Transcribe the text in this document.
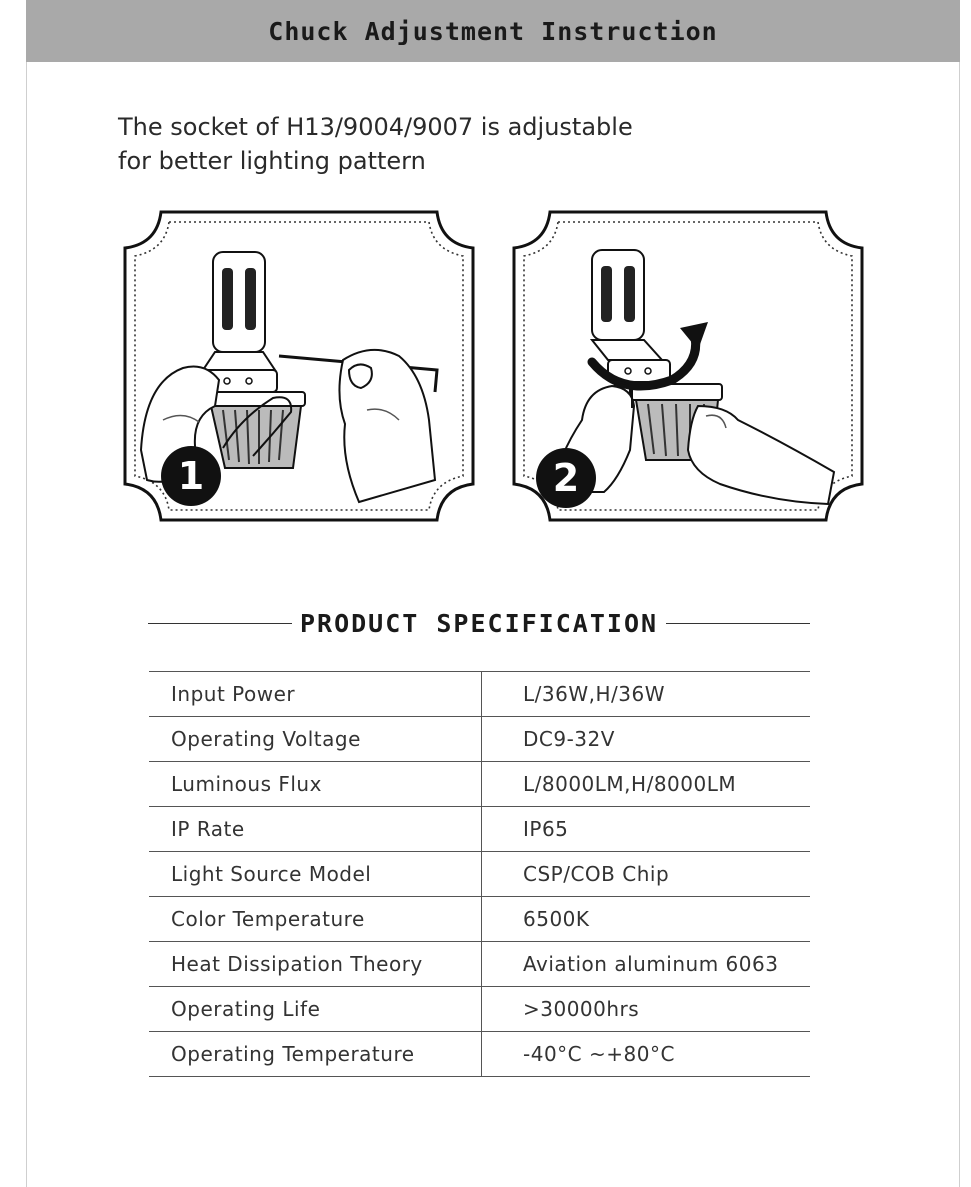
Chuck Adjustment Instruction
The socket of H13/9004/9007 is adjustable
for better lighting pattern
1	2
PRODUCT SPECIFICATION
Input Power	L/36W,H/36W
Operating Voltage	DC9-32V
Luminous Flux	L/8000LM,H/8000LM
IP Rate	IP65
Light Source Model	CSP/COB Chip
Color Temperature	6500K
Heat Dissipation Theory	Aviation aluminum 6063
Operating Life	>30000hrs
Operating Temperature	-40°C ~+80°C
